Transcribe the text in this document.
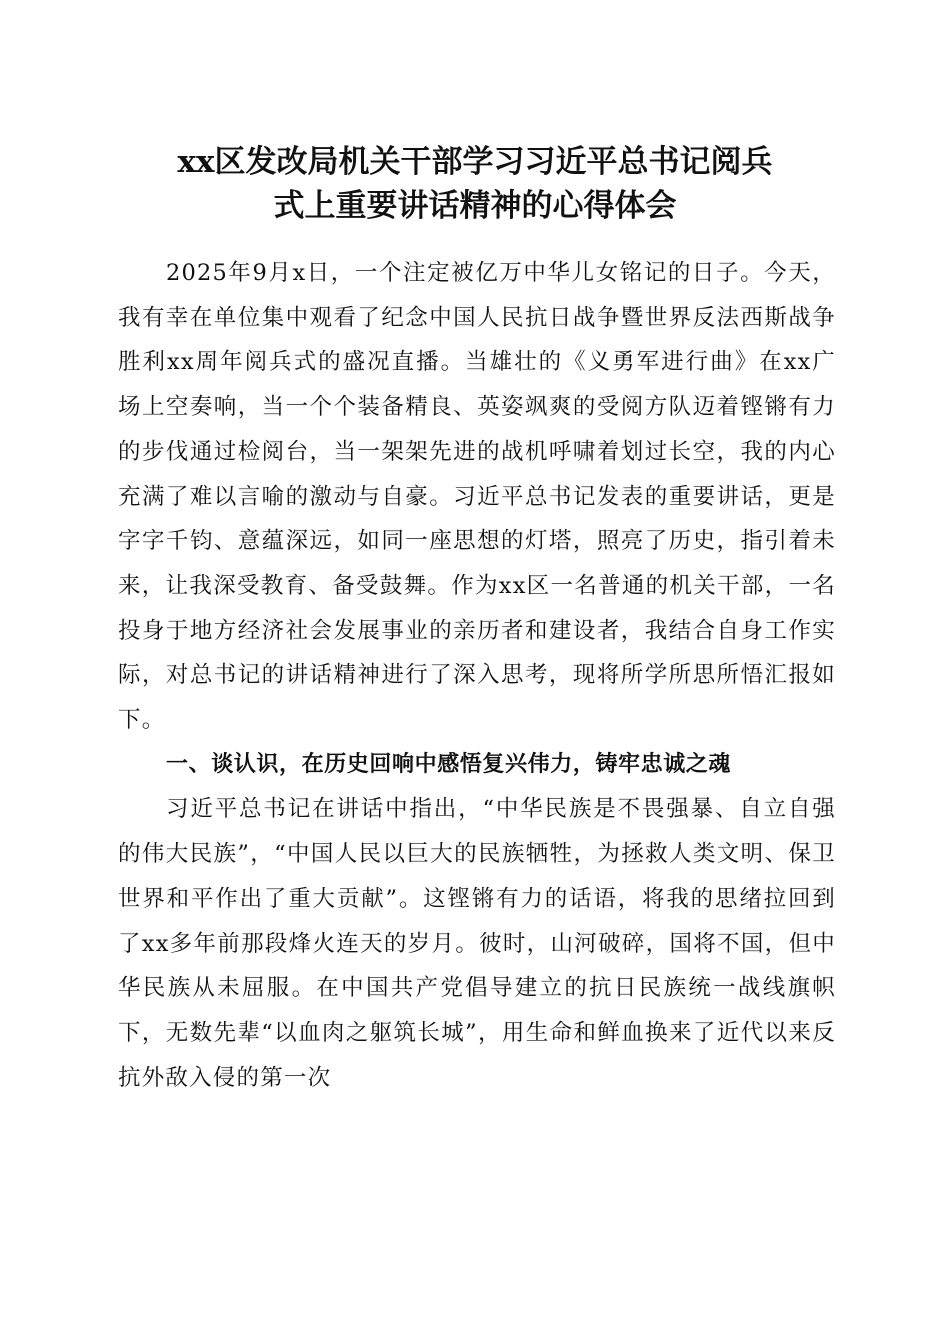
xx区发改局机关干部学习习近平总书记阅兵
式上重要讲话精神的心得体会

2025年9月x日，一个注定被亿万中华儿女铭记的日子。今天，我有幸在单位集中观看了纪念中国人民抗日战争暨世界反法西斯战争胜利xx周年阅兵式的盛况直播。当雄壮的《义勇军进行曲》在xx广场上空奏响，当一个个装备精良、英姿飒爽的受阅方队迈着铿锵有力的步伐通过检阅台，当一架架先进的战机呼啸着划过长空，我的内心充满了难以言喻的激动与自豪。习近平总书记发表的重要讲话，更是字字千钧、意蕴深远，如同一座思想的灯塔，照亮了历史，指引着未来，让我深受教育、备受鼓舞。作为xx区一名普通的机关干部，一名投身于地方经济社会发展事业的亲历者和建设者，我结合自身工作实际，对总书记的讲话精神进行了深入思考，现将所学所思所悟汇报如下。

一、谈认识，在历史回响中感悟复兴伟力，铸牢忠诚之魂

习近平总书记在讲话中指出，“中华民族是不畏强暴、自立自强的伟大民族”，“中国人民以巨大的民族牺牲，为拯救人类文明、保卫世界和平作出了重大贡献”。这铿锵有力的话语，将我的思绪拉回到了xx多年前那段烽火连天的岁月。彼时，山河破碎，国将不国，但中华民族从未屈服。在中国共产党倡导建立的抗日民族统一战线旗帜下，无数先辈“以血肉之躯筑长城”，用生命和鲜血换来了近代以来反抗外敌入侵的第一次
